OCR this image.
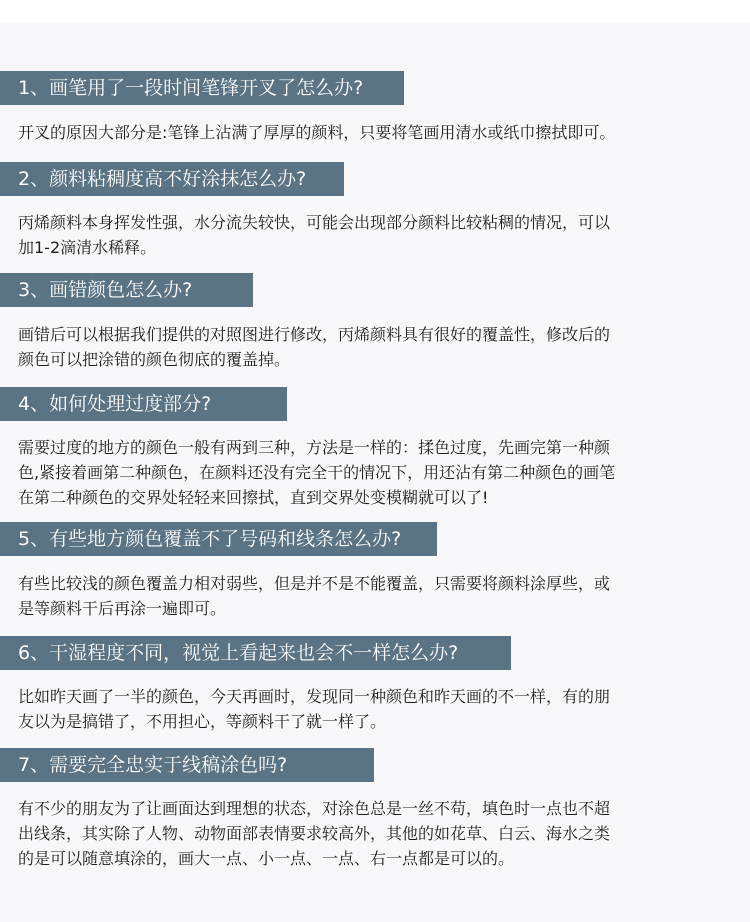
1、画笔用了一段时间笔锋开叉了怎么办?

开叉的原因大部分是:笔锋上沾满了厚厚的颜料，只要将笔画用清水或纸巾擦拭即可。

2、颜料粘稠度高不好涂抹怎么办?

丙烯颜料本身挥发性强，水分流失较快，可能会出现部分颜料比较粘稠的情况，可以
加1-2滴清水稀释。

3、画错颜色怎么办?

画错后可以根据我们提供的对照图进行修改，丙烯颜料具有很好的覆盖性，修改后的
颜色可以把涂错的颜色彻底的覆盖掉。

4、如何处理过度部分?

需要过度的地方的颜色一般有两到三种，方法是一样的：揉色过度，先画完第一种颜
色,紧接着画第二种颜色，在颜料还没有完全干的情况下，用还沾有第二种颜色的画笔
在第二种颜色的交界处轻轻来回擦拭，直到交界处变模糊就可以了!

5、有些地方颜色覆盖不了号码和线条怎么办?

有些比较浅的颜色覆盖力相对弱些，但是并不是不能覆盖，只需要将颜料涂厚些，或
是等颜料干后再涂一遍即可。

6、干湿程度不同，视觉上看起来也会不一样怎么办?

比如昨天画了一半的颜色，今天再画时，发现同一种颜色和昨天画的不一样，有的朋
友以为是搞错了，不用担心，等颜料干了就一样了。

7、需要完全忠实于线稿涂色吗?

有不少的朋友为了让画面达到理想的状态，对涂色总是一丝不苟，填色时一点也不超
出线条，其实除了人物、动物面部表情要求较高外，其他的如花草、白云、海水之类
的是可以随意填涂的，画大一点、小一点、一点、右一点都是可以的。
